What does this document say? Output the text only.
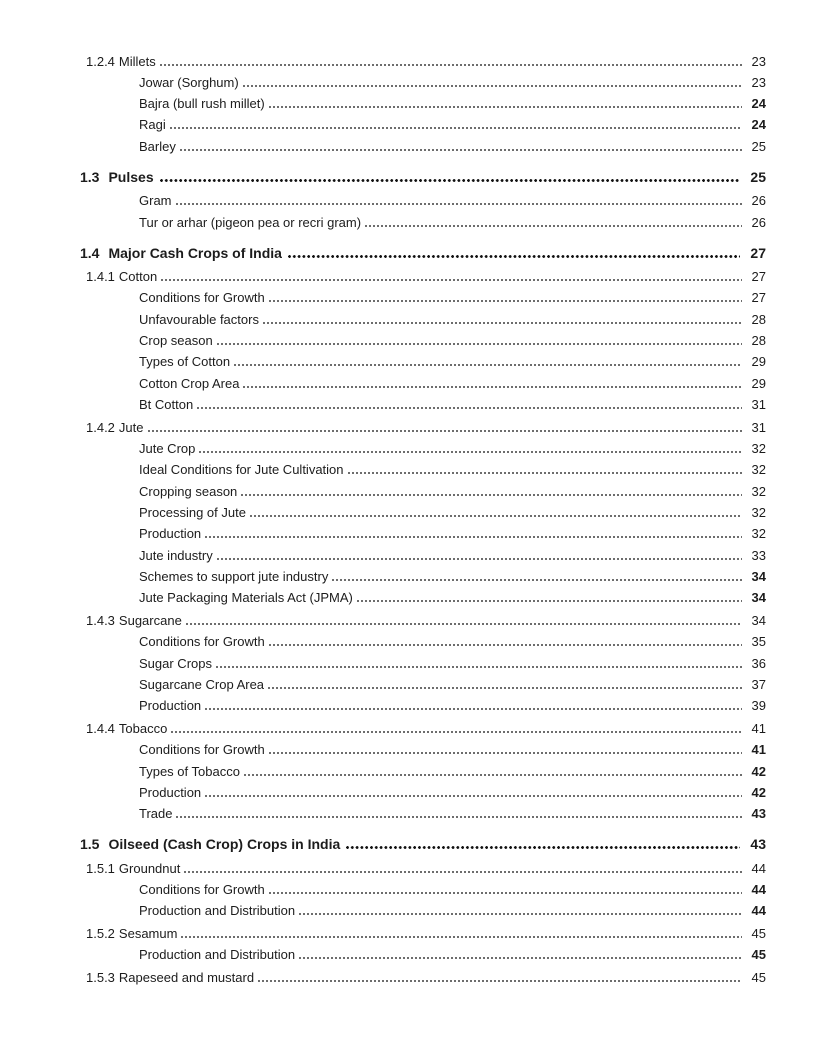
1.2.4 Millets	23
Jowar (Sorghum)	23
Bajra (bull rush millet)	24
Ragi	24
Barley	25
1.3 Pulses	25
Gram	26
Tur or arhar (pigeon pea or recri gram)	26
1.4 Major Cash Crops of India	27
1.4.1 Cotton	27
Conditions for Growth	27
Unfavourable factors	28
Crop season	28
Types of Cotton	29
Cotton Crop Area	29
Bt Cotton	31
1.4.2 Jute	31
Jute Crop	32
Ideal Conditions for Jute Cultivation	32
Cropping season	32
Processing of Jute	32
Production	32
Jute industry	33
Schemes to support jute industry	34
Jute Packaging Materials Act (JPMA)	34
1.4.3 Sugarcane	34
Conditions for Growth	35
Sugar Crops	36
Sugarcane Crop Area	37
Production	39
1.4.4 Tobacco	41
Conditions for Growth	41
Types of Tobacco	42
Production	42
Trade	43
1.5 Oilseed (Cash Crop) Crops in India	43
1.5.1 Groundnut	44
Conditions for Growth	44
Production and Distribution	44
1.5.2 Sesamum	45
Production and Distribution	45
1.5.3 Rapeseed and mustard	45
